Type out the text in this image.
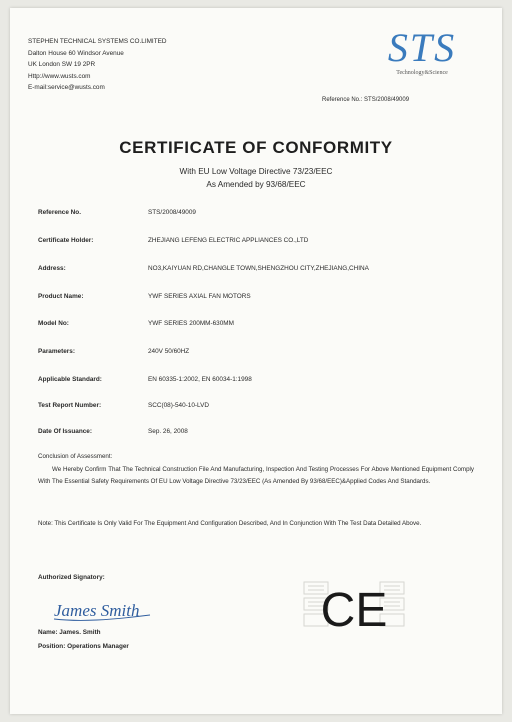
STEPHEN TECHNICAL SYSTEMS CO.LIMITED
Dalton House 60 Windsor Avenue
UK London SW 19 2PR
Http://www.wusts.com
E-mail:service@wusts.com
STS
Technology&Science
Reference No.: STS/2008/49009
CERTIFICATE OF CONFORMITY
With EU Low Voltage Directive 73/23/EEC
As Amended by 93/68/EEC
Reference No.	STS/2008/49009
Certificate Holder:	ZHEJIANG LEFENG ELECTRIC APPLIANCES CO.,LTD
Address:	NO3,KAIYUAN RD,CHANGLE TOWN,SHENGZHOU CITY,ZHEJIANG,CHINA
Product Name:	YWF SERIES AXIAL FAN MOTORS
Model No:	YWF SERIES 200MM-630MM
Parameters:	240V 50/60HZ
Applicable Standard:	EN 60335-1:2002, EN 60034-1:1998
Test Report Number:	SCC(08)-540-10-LVD
Date Of Issuance:	Sep. 26, 2008
Conclusion of Assessment:

We Hereby Confirm That The Technical Construction File And Manufacturing, Inspection And Testing Processes For Above Mentioned Equipment Comply With The Essential Safety Requirements Of EU Low Voltage Directive 73/23/EEC (As Amended By 93/68/EEC)&Applied Codes And Standards.

Note: This Certificate Is Only Valid For The Equipment And Configuration Described, And In Conjunction With The Test Data Detailed Above.

Authorized Signatory:
James Smith
Name: James. Smith
Position: Operations Manager
CE
